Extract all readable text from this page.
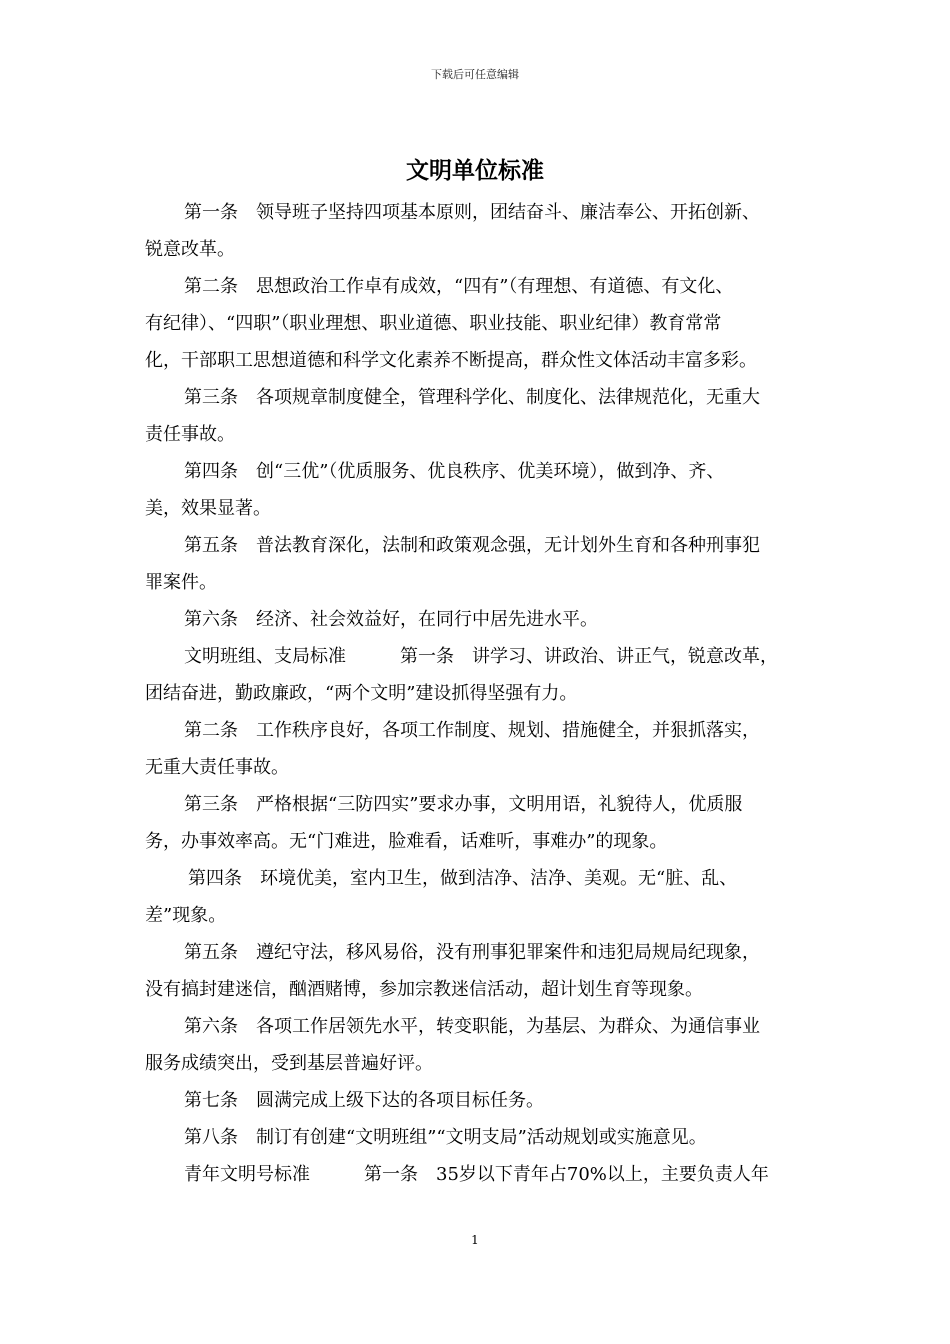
下载后可任意编辑
文明单位标准
第一条　领导班子坚持四项基本原则，团结奋斗、廉洁奉公、开拓创新、
锐意改革。
第二条　思想政治工作卓有成效，“四有”（有理想、有道德、有文化、
有纪律）、“四职”（职业理想、职业道德、职业技能、职业纪律）教育常常
化，干部职工思想道德和科学文化素养不断提高，群众性文体活动丰富多彩。
第三条　各项规章制度健全，管理科学化、制度化、法律规范化，无重大
责任事故。
第四条　创“三优”（优质服务、优良秩序、优美环境），做到净、齐、
美，效果显著。
第五条　普法教育深化，法制和政策观念强，无计划外生育和各种刑事犯
罪案件。
第六条　经济、社会效益好，在同行中居先进水平。
文明班组、支局标准　　　第一条　讲学习、讲政治、讲正气，锐意改革，
团结奋进，勤政廉政，“两个文明”建设抓得坚强有力。
第二条　工作秩序良好，各项工作制度、规划、措施健全，并狠抓落实，
无重大责任事故。
第三条　严格根据“三防四实”要求办事，文明用语，礼貌待人，优质服
务，办事效率高。无“门难进，脸难看，话难听，事难办”的现象。
第四条　环境优美，室内卫生，做到洁净、洁净、美观。无“脏、乱、
差”现象。
第五条　遵纪守法，移风易俗，没有刑事犯罪案件和违犯局规局纪现象，
没有搞封建迷信，酗酒赌博，参加宗教迷信活动，超计划生育等现象。
第六条　各项工作居领先水平，转变职能，为基层、为群众、为通信事业
服务成绩突出，受到基层普遍好评。
第七条　圆满完成上级下达的各项目标任务。
第八条　制订有创建“文明班组”“文明支局”活动规划或实施意见。
青年文明号标准　　　第一条　35岁以下青年占70%以上，主要负责人年
1
